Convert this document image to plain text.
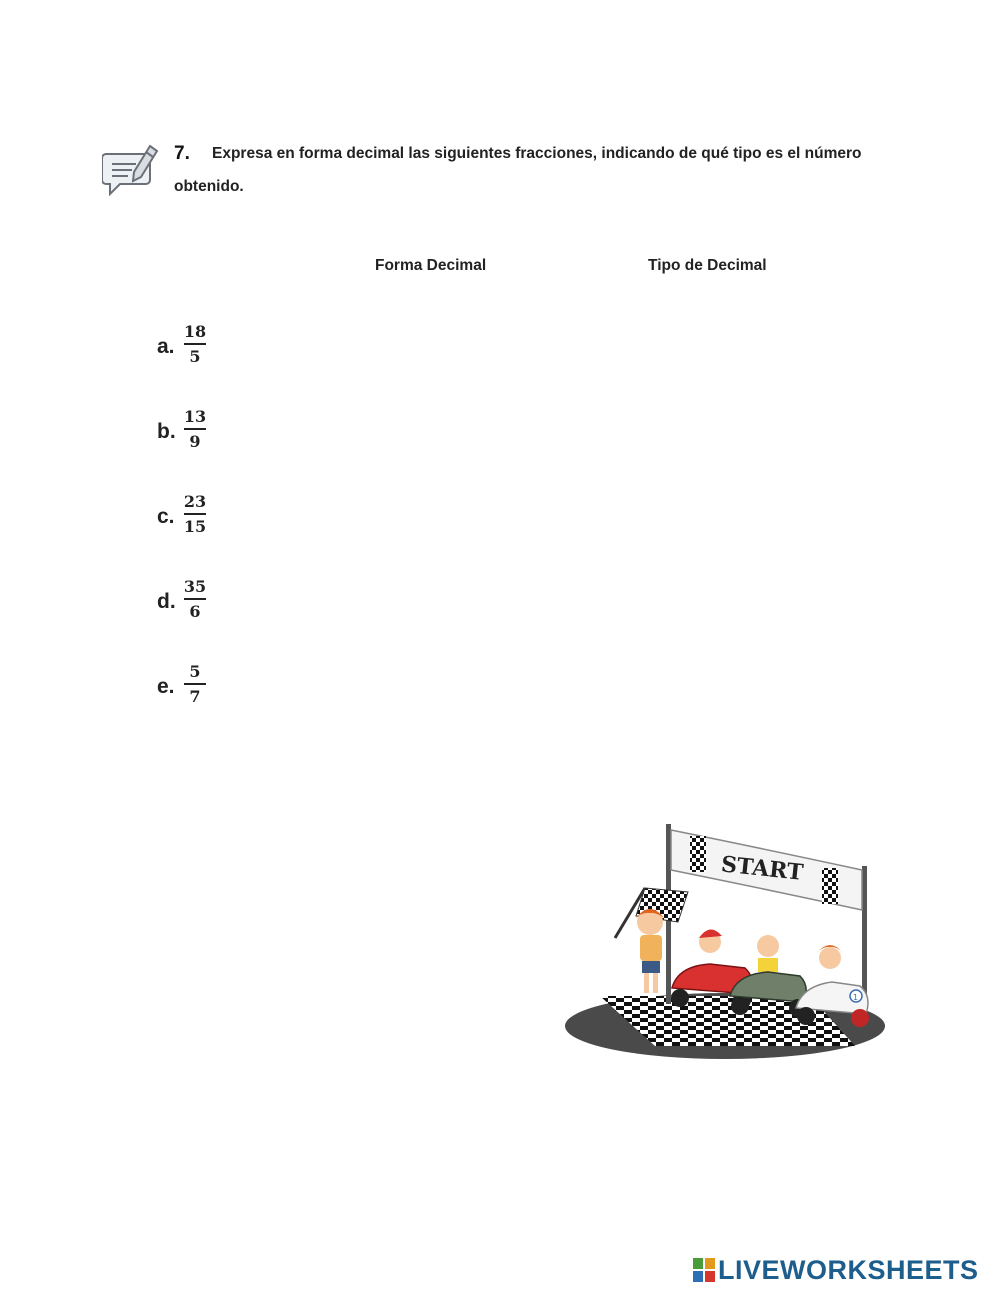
7. Expresa en forma decimal las siguientes fracciones, indicando de qué tipo es el número
obtenido.
Forma Decimal	Tipo de Decimal
a.
18
5
b.
13
9
c.
23
15
d.
35
6
e.
5
7
START
1
LIVEWORKSHEETS
